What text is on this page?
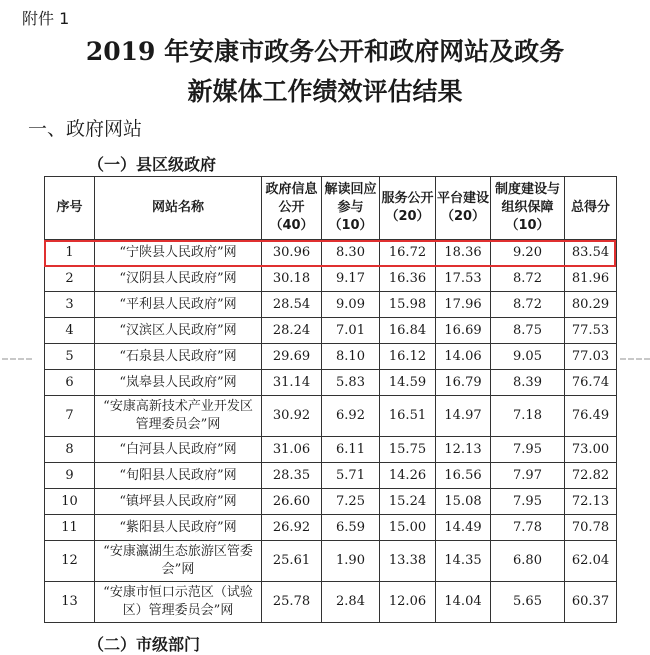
附件 1
2019 年安康市政务公开和政府网站及政务
新媒体工作绩效评估结果
一、政府网站
（一）县区级政府
序号	网站名称	政府信息公开（40）	解读回应参与（10）	服务公开（20）	平台建设（20）	制度建设与组织保障（10）	总得分
1	“宁陕县人民政府”网	30.96	8.30	16.72	18.36	9.20	83.54
2	“汉阴县人民政府”网	30.18	9.17	16.36	17.53	8.72	81.96
3	“平利县人民政府”网	28.54	9.09	15.98	17.96	8.72	80.29
4	“汉滨区人民政府”网	28.24	7.01	16.84	16.69	8.75	77.53
5	“石泉县人民政府”网	29.69	8.10	16.12	14.06	9.05	77.03
6	“岚皋县人民政府”网	31.14	5.83	14.59	16.79	8.39	76.74
7	“安康高新技术产业开发区管理委员会”网	30.92	6.92	16.51	14.97	7.18	76.49
8	“白河县人民政府”网	31.06	6.11	15.75	12.13	7.95	73.00
9	“旬阳县人民政府”网	28.35	5.71	14.26	16.56	7.97	72.82
10	“镇坪县人民政府”网	26.60	7.25	15.24	15.08	7.95	72.13
11	“紫阳县人民政府”网	26.92	6.59	15.00	14.49	7.78	70.78
12	“安康瀛湖生态旅游区管委会”网	25.61	1.90	13.38	14.35	6.80	62.04
13	“安康市恒口示范区（试验区）管理委员会”网	25.78	2.84	12.06	14.04	5.65	60.37
（二）市级部门
